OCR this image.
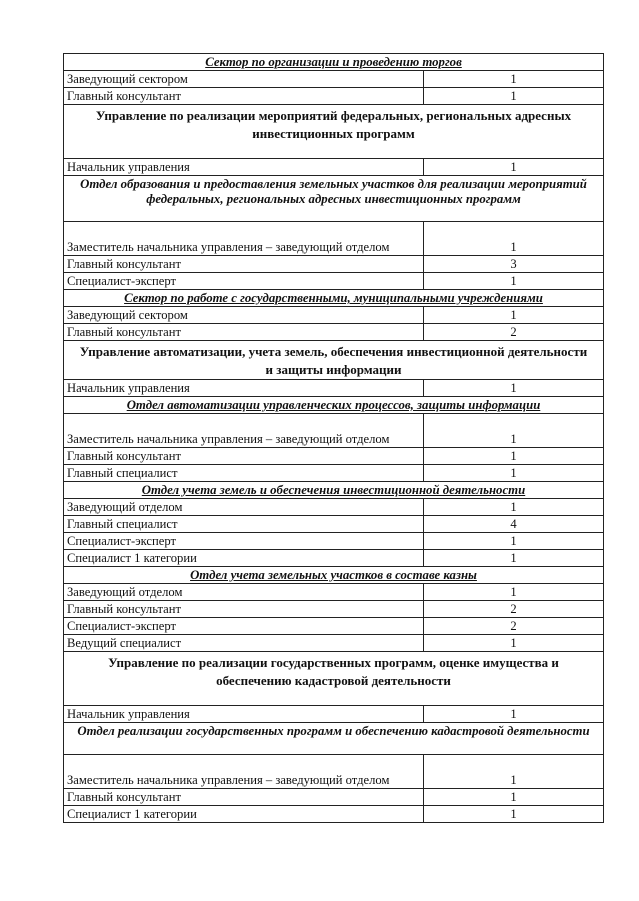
Сектор по организации и проведению торгов	
Заведующий сектором	1
Главный консультант	1
Управление по реализации мероприятий федеральных, региональных адресных инвестиционных программ	
Начальник управления	1
Отдел образования и предоставления земельных участков для реализации мероприятий федеральных, региональных адресных инвестиционных программ	
Заместитель начальника управления – заведующий отделом	1
Главный консультант	3
Специалист-эксперт	1
Сектор по работе с государственными, муниципальными учреждениями	
Заведующий сектором	1
Главный консультант	2
Управление автоматизации, учета земель, обеспечения инвестиционной деятельности и защиты информации	
Начальник управления	1
Отдел автоматизации управленческих процессов, защиты информации	
Заместитель начальника управления – заведующий отделом	1
Главный консультант	1
Главный специалист	1
Отдел учета земель и обеспечения инвестиционной деятельности	
Заведующий отделом	1
Главный специалист	4
Специалист-эксперт	1
Специалист 1 категории	1
Отдел учета земельных участков в составе казны	
Заведующий отделом	1
Главный консультант	2
Специалист-эксперт	2
Ведущий специалист	1
Управление по реализации государственных программ, оценке имущества и обеспечению кадастровой деятельности	
Начальник управления	1
Отдел реализации государственных программ и обеспечению кадастровой деятельности	
Заместитель начальника управления – заведующий отделом	1
Главный консультант	1
Специалист 1 категории	1
